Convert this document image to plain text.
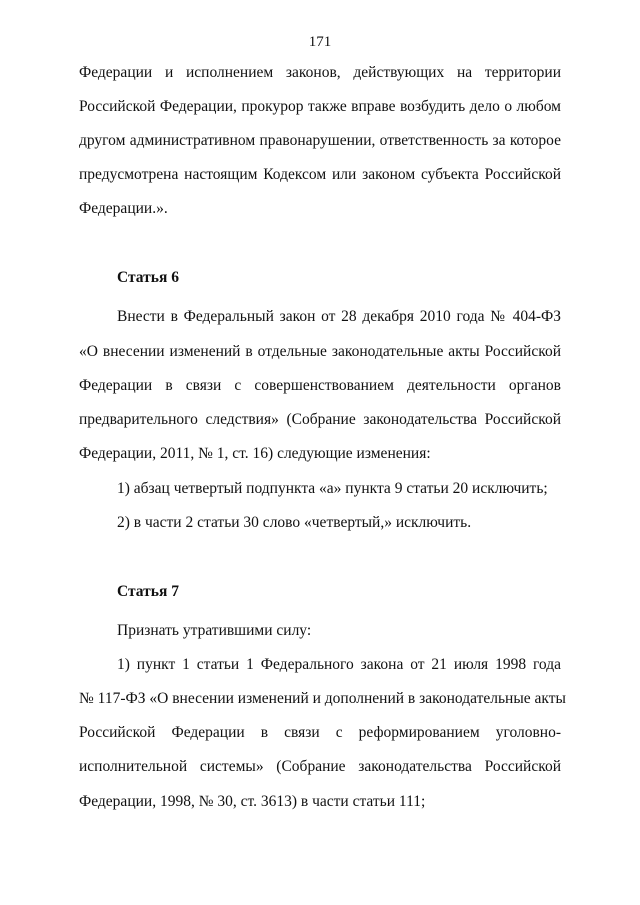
171
Федерации и исполнением законов, действующих на территории
Российской Федерации, прокурор также вправе возбудить дело о любом
другом административном правонарушении, ответственность за которое
предусмотрена настоящим Кодексом или законом субъекта Российской
Федерации.».
Статья 6
Внести в Федеральный закон от 28 декабря 2010 года № 404-ФЗ
«О внесении изменений в отдельные законодательные акты Российской
Федерации в связи с совершенствованием деятельности органов
предварительного следствия» (Собрание законодательства Российской
Федерации, 2011, № 1, ст. 16) следующие изменения:
1) абзац четвертый подпункта «а» пункта 9 статьи 20 исключить;
2) в части 2 статьи 30 слово «четвертый,» исключить.
Статья 7
Признать утратившими силу:
1) пункт 1 статьи 1 Федерального закона от 21 июля 1998 года
№ 117-ФЗ «О внесении изменений и дополнений в законодательные акты
Российской Федерации в связи с реформированием уголовно-
исполнительной системы» (Собрание законодательства Российской
Федерации, 1998, № 30, ст. 3613) в части статьи 111;
